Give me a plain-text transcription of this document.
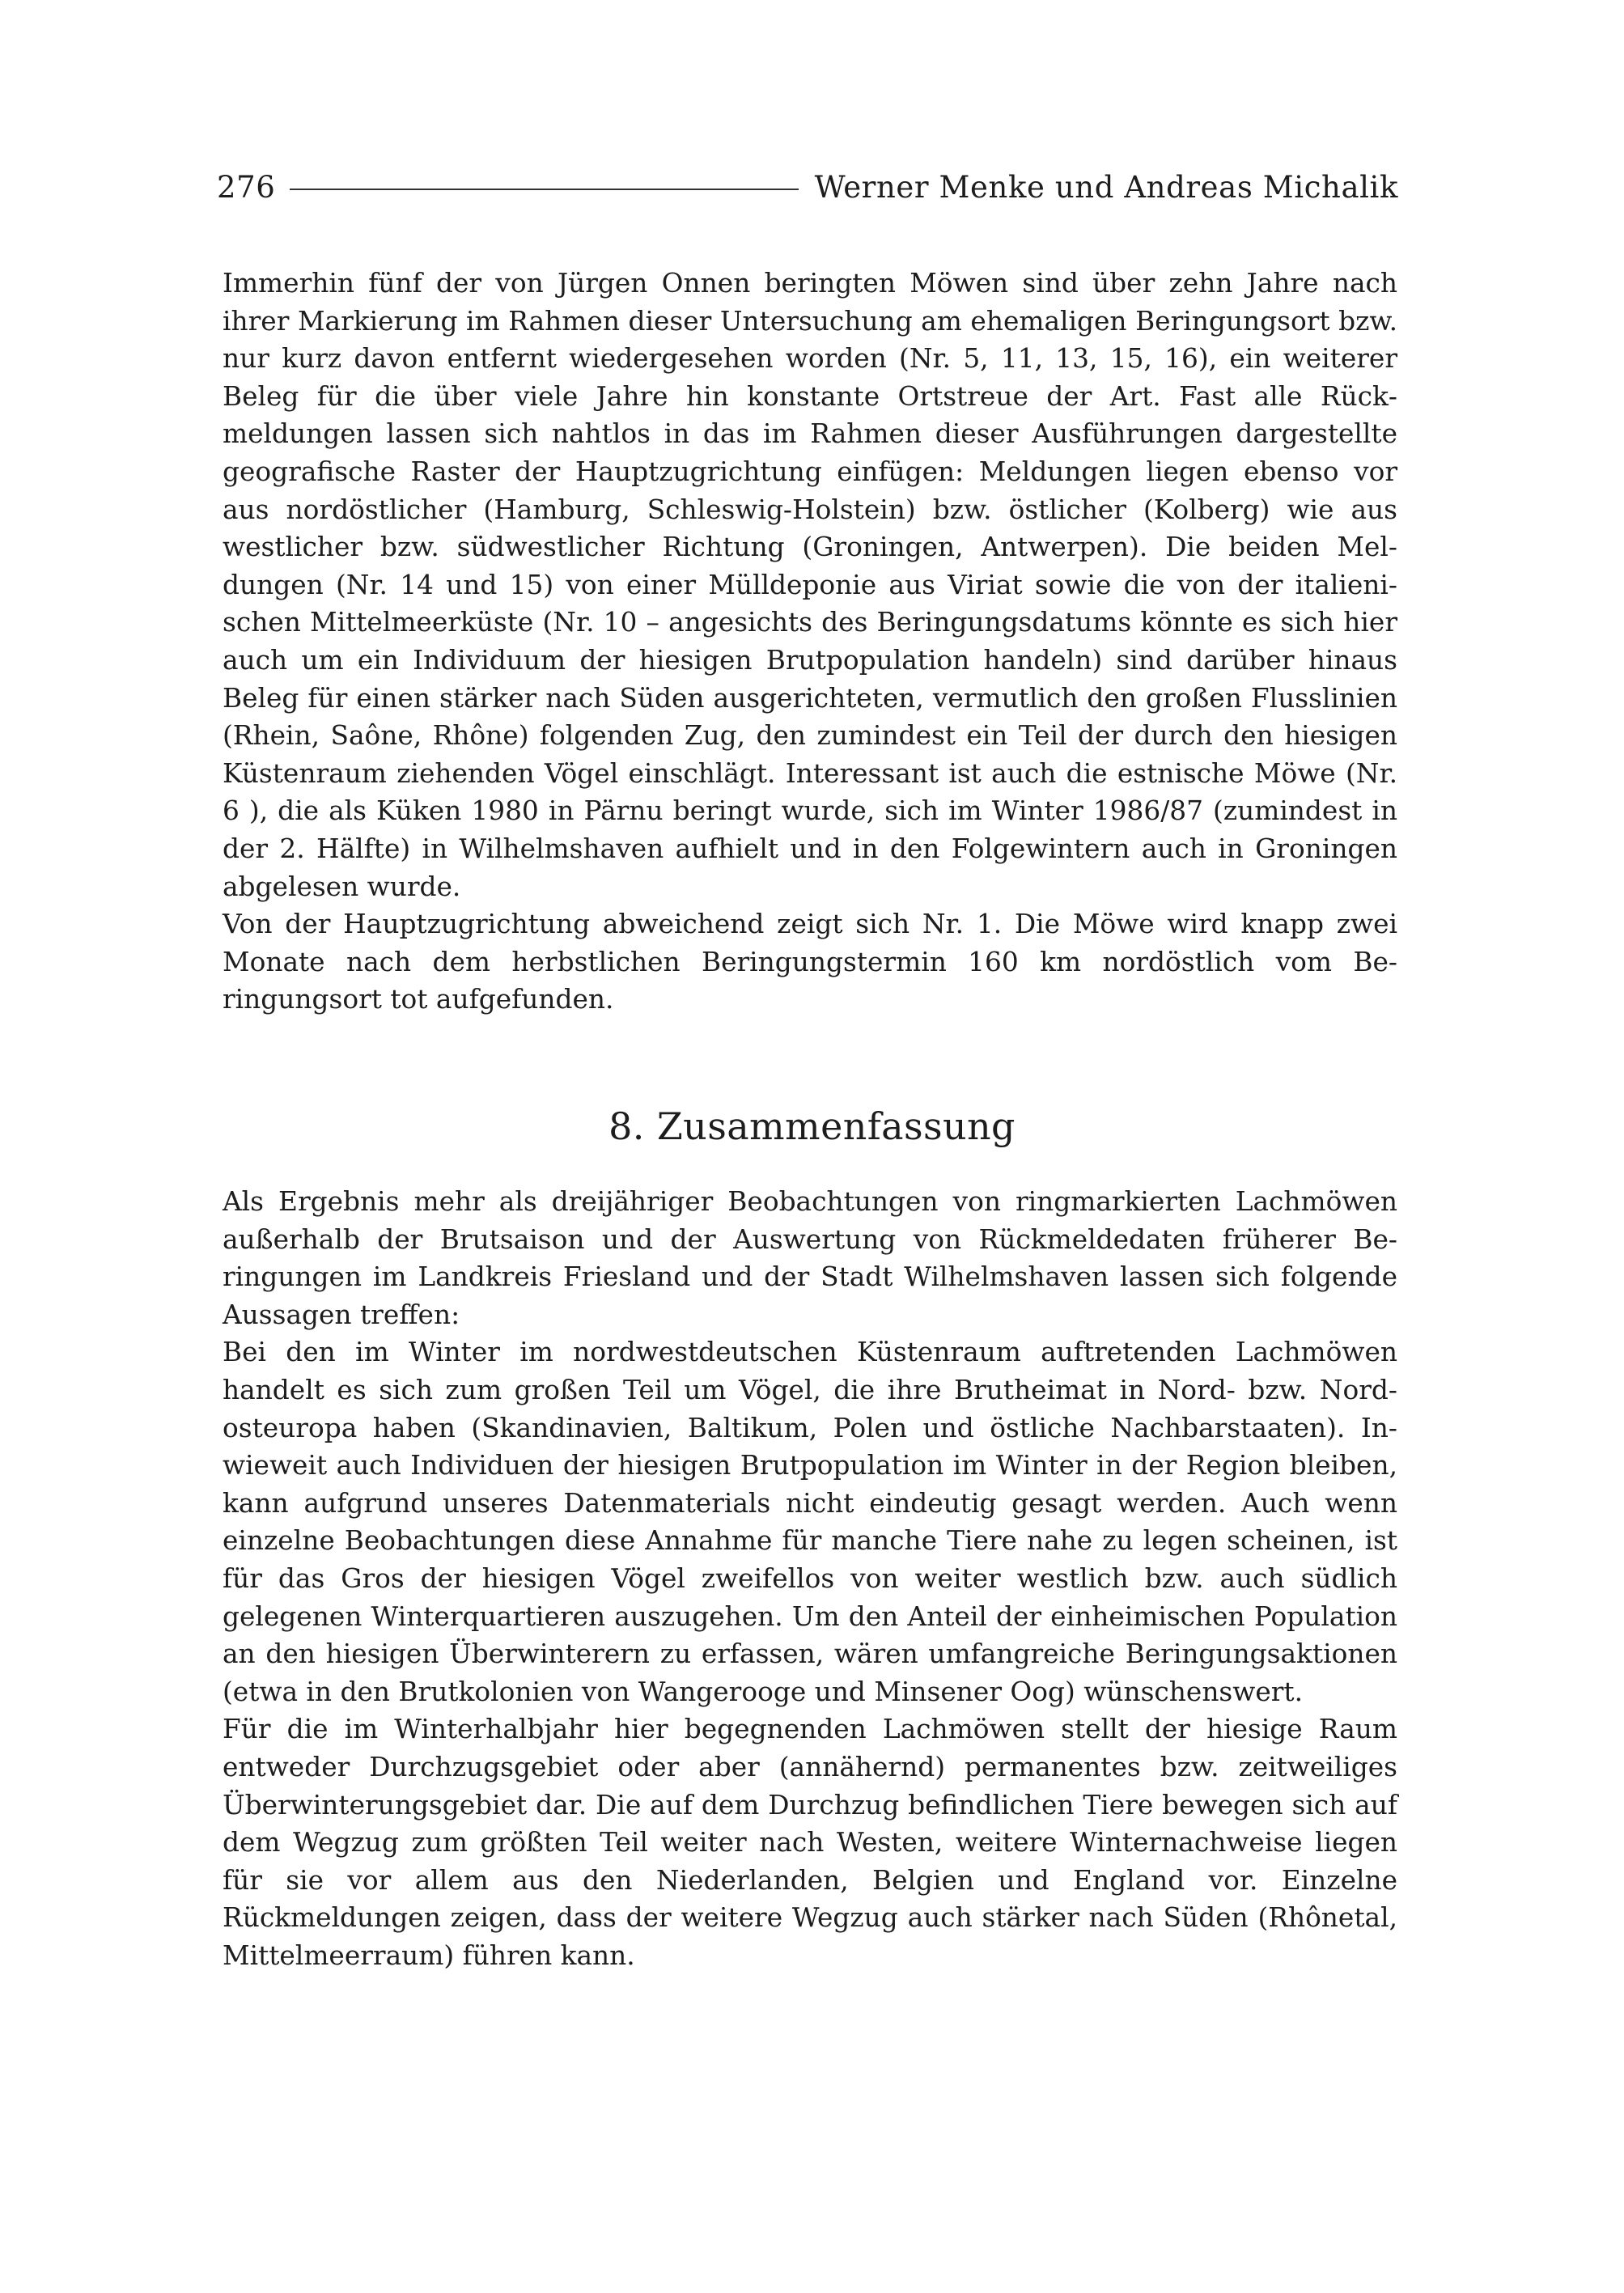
276	Werner Menke und Andreas Michalik

Immerhin fünf der von Jürgen Onnen beringten Möwen sind über zehn Jahre nach ihrer Markierung im Rahmen dieser Untersuchung am ehemaligen Beringungsort bzw. nur kurz davon entfernt wiedergesehen worden (Nr. 5, 11, 13, 15, 16), ein weiterer Beleg für die über viele Jahre hin konstante Ortstreue der Art. Fast alle Rückmeldungen lassen sich nahtlos in das im Rahmen dieser Ausführungen dargestellte geografische Raster der Hauptzugrichtung einfügen: Meldungen liegen ebenso vor aus nordöstlicher (Hamburg, Schleswig-Holstein) bzw. östlicher (Kolberg) wie aus westlicher bzw. südwestlicher Richtung (Groningen, Antwerpen). Die beiden Meldungen (Nr. 14 und 15) von einer Mülldeponie aus Viriat sowie die von der italienischen Mittelmeerküste (Nr. 10 – angesichts des Beringungsdatums könnte es sich hier auch um ein Individuum der hiesigen Brutpopulation handeln) sind darüber hinaus Beleg für einen stärker nach Süden ausgerichteten, vermutlich den großen Flusslinien (Rhein, Saône, Rhône) folgenden Zug, den zumindest ein Teil der durch den hiesigen Küstenraum ziehenden Vögel einschlägt. Interessant ist auch die estnische Möwe (Nr. 6 ), die als Küken 1980 in Pärnu beringt wurde, sich im Winter 1986/87 (zumindest in der 2. Hälfte) in Wilhelmshaven aufhielt und in den Folgewintern auch in Groningen abgelesen wurde.

Von der Hauptzugrichtung abweichend zeigt sich Nr. 1. Die Möwe wird knapp zwei Monate nach dem herbstlichen Beringungstermin 160 km nordöstlich vom Beringungsort tot aufgefunden.

8. Zusammenfassung

Als Ergebnis mehr als dreijähriger Beobachtungen von ringmarkierten Lachmöwen außerhalb der Brutsaison und der Auswertung von Rückmeldedaten früherer Beringungen im Landkreis Friesland und der Stadt Wilhelmshaven lassen sich folgende Aussagen treffen:

Bei den im Winter im nordwestdeutschen Küstenraum auftretenden Lachmöwen handelt es sich zum großen Teil um Vögel, die ihre Brutheimat in Nord- bzw. Nordosteuropa haben (Skandinavien, Baltikum, Polen und östliche Nachbarstaaten). Inwieweit auch Individuen der hiesigen Brutpopulation im Winter in der Region bleiben, kann aufgrund unseres Datenmaterials nicht eindeutig gesagt werden. Auch wenn einzelne Beobachtungen diese Annahme für manche Tiere nahe zu legen scheinen, ist für das Gros der hiesigen Vögel zweifellos von weiter westlich bzw. auch südlich gelegenen Winterquartieren auszugehen. Um den Anteil der einheimischen Population an den hiesigen Überwinterern zu erfassen, wären umfangreiche Beringungsaktionen (etwa in den Brutkolonien von Wangerooge und Minsener Oog) wünschenswert.

Für die im Winterhalbjahr hier begegnenden Lachmöwen stellt der hiesige Raum entweder Durchzugsgebiet oder aber (annähernd) permanentes bzw. zeitweiliges Überwinterungsgebiet dar. Die auf dem Durchzug befindlichen Tiere bewegen sich auf dem Wegzug zum größten Teil weiter nach Westen, weitere Winternachweise liegen für sie vor allem aus den Niederlanden, Belgien und England vor. Einzelne Rückmeldungen zeigen, dass der weitere Wegzug auch stärker nach Süden (Rhônetal, Mittelmeerraum) führen kann.
